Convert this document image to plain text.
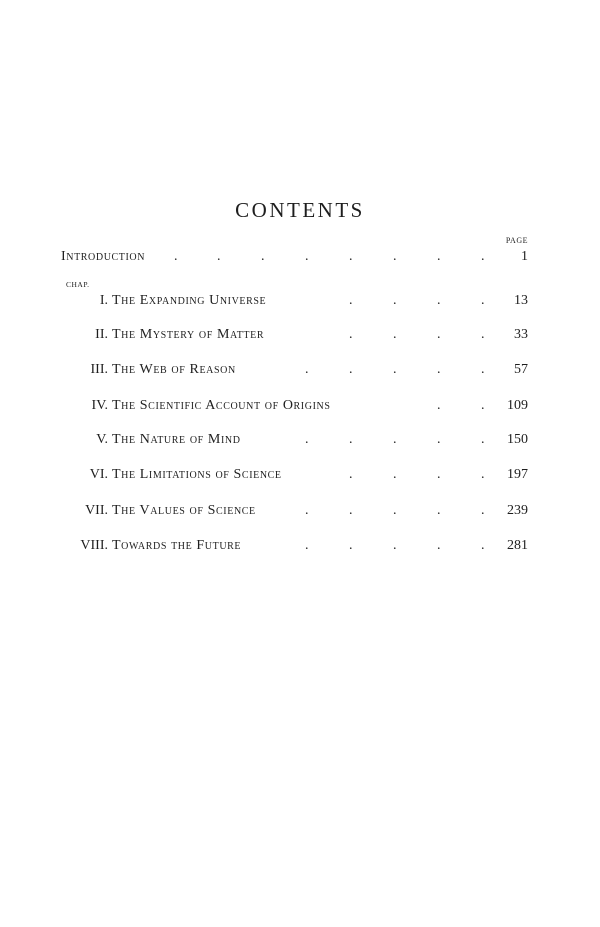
CONTENTS
PAGE
Introduction .	.	.	.	.	.	.	.	1
CHAP.
I. The Expanding Universe	.	.	.	. 13
II. The Mystery of Matter	.	.	.	. 33
III. The Web of Reason	.	.	.	.	. 57
IV. The Scientific Account of Origins	.	. 109
V. The Nature of Mind	.	.	.	.	. 150
VI. The Limitations of Science	.	.	.	. 197
VII. The Values of Science	.	.	.	.	. 239
VIII. Towards the Future	.	.	.	.	. 281
